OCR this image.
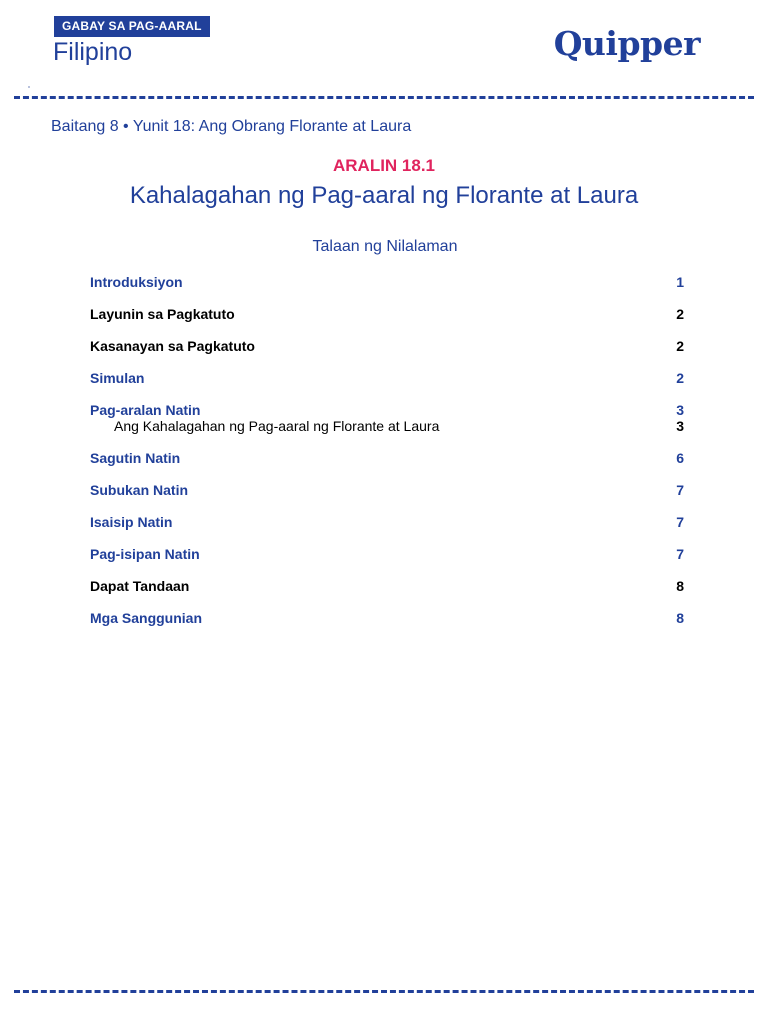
GABAY SA PAG-AARAL
Filipino	Quipper
Baitang 8 • Yunit 18: Ang Obrang Florante at Laura
ARALIN 18.1
Kahalagahan ng Pag-aaral ng Florante at Laura
Talaan ng Nilalaman
Introduksiyon	1
Layunin sa Pagkatuto	2
Kasanayan sa Pagkatuto	2
Simulan	2
Pag-aralan Natin	3
Ang Kahalagahan ng Pag-aaral ng Florante at Laura	3
Sagutin Natin	6
Subukan Natin	7
Isaisip Natin	7
Pag-isipan Natin	7
Dapat Tandaan	8
Mga Sanggunian	8
